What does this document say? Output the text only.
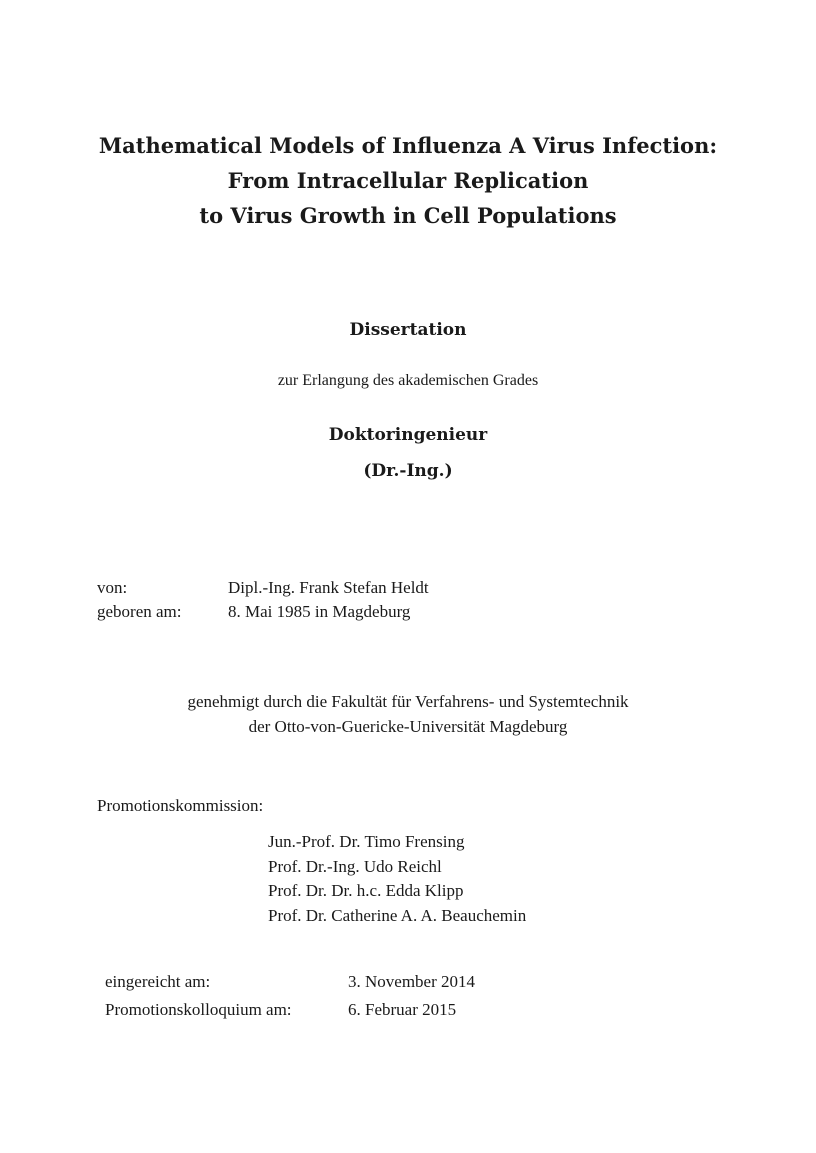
Mathematical Models of Influenza A Virus Infection:
From Intracellular Replication
to Virus Growth in Cell Populations
Dissertation
zur Erlangung des akademischen Grades
Doktoringenieur
(Dr.-Ing.)
von:	Dipl.-Ing. Frank Stefan Heldt
geboren am:	8. Mai 1985 in Magdeburg
genehmigt durch die Fakultät für Verfahrens- und Systemtechnik
der Otto-von-Guericke-Universität Magdeburg
Promotionskommission:
Jun.-Prof. Dr. Timo Frensing
Prof. Dr.-Ing. Udo Reichl
Prof. Dr. Dr. h.c. Edda Klipp
Prof. Dr. Catherine A. A. Beauchemin
eingereicht am:	3. November 2014
Promotionskolloquium am:	6. Februar 2015
